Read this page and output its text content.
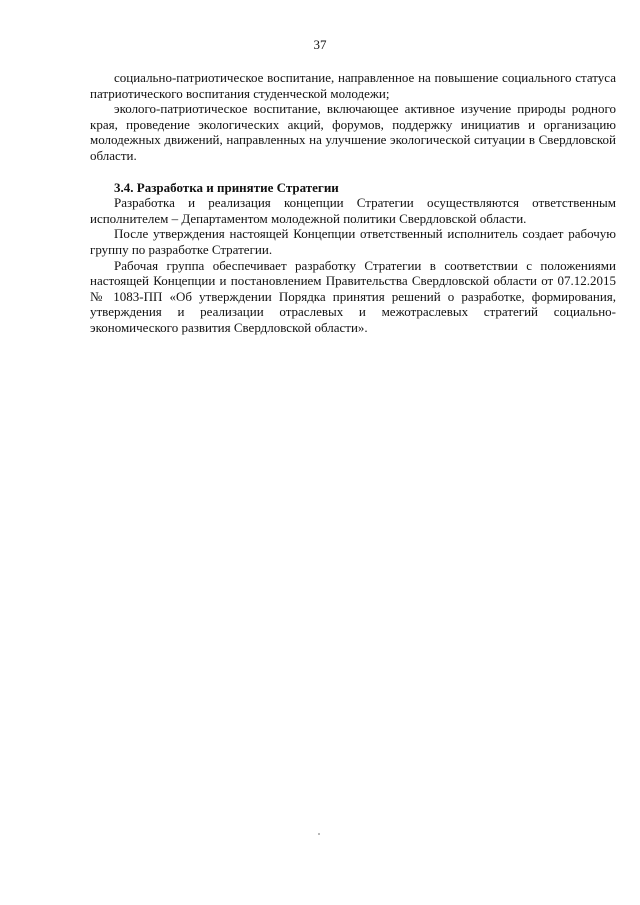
37

социально-патриотическое воспитание, направленное на повышение социального статуса патриотического воспитания студенческой молодежи;

эколого-патриотическое воспитание, включающее активное изучение природы родного края, проведение экологических акций, форумов, поддержку инициатив и организацию молодежных движений, направленных на улучшение экологической ситуации в Свердловской области.

3.4. Разработка и принятие Стратегии

Разработка и реализация концепции Стратегии осуществляются ответственным исполнителем – Департаментом молодежной политики Свердловской области.

После утверждения настоящей Концепции ответственный исполнитель создает рабочую группу по разработке Стратегии.

Рабочая группа обеспечивает разработку Стратегии в соответствии с положениями настоящей Концепции и постановлением Правительства Свердловской области от 07.12.2015 № 1083-ПП «Об утверждении Порядка принятия решений о разработке, формирования, утверждения и реализации отраслевых и межотраслевых стратегий социально-экономического развития Свердловской области».
